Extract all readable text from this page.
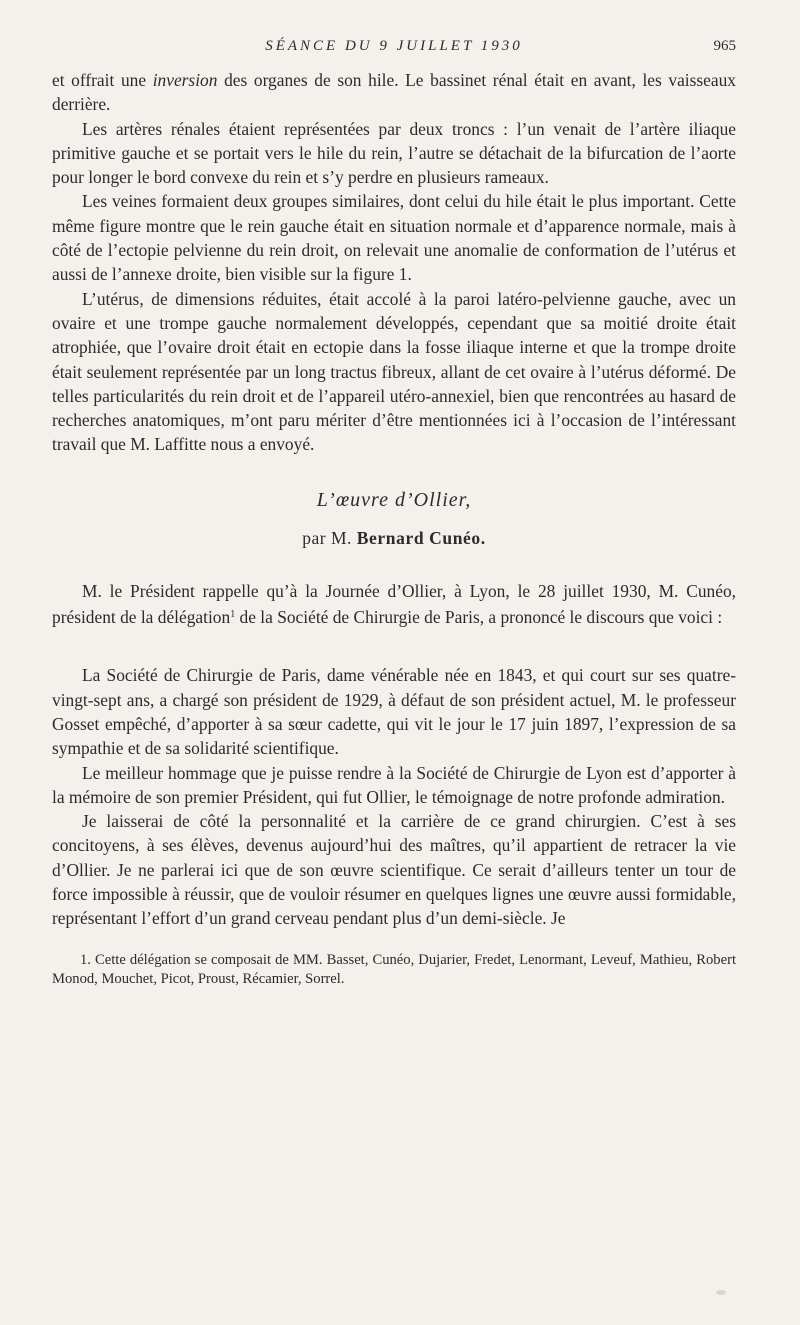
SÉANCE DU 9 JUILLET 1930	965

et offrait une inversion des organes de son hile. Le bassinet rénal était en avant, les vaisseaux derrière.

Les artères rénales étaient représentées par deux troncs : l’un venait de l’artère iliaque primitive gauche et se portait vers le hile du rein, l’autre se détachait de la bifurcation de l’aorte pour longer le bord convexe du rein et s’y perdre en plusieurs rameaux.

Les veines formaient deux groupes similaires, dont celui du hile était le plus important. Cette même figure montre que le rein gauche était en situation normale et d’apparence normale, mais à côté de l’ectopie pelvienne du rein droit, on relevait une anomalie de conformation de l’utérus et aussi de l’annexe droite, bien visible sur la figure 1.

L’utérus, de dimensions réduites, était accolé à la paroi latéro-pelvienne gauche, avec un ovaire et une trompe gauche normalement développés, cependant que sa moitié droite était atrophiée, que l’ovaire droit était en ectopie dans la fosse iliaque interne et que la trompe droite était seulement représentée par un long tractus fibreux, allant de cet ovaire à l’utérus déformé. De telles particularités du rein droit et de l’appareil utéro-annexiel, bien que rencontrées au hasard de recherches anatomiques, m’ont paru mériter d’être mentionnées ici à l’occasion de l’intéressant travail que M. Laffitte nous a envoyé.

L’œuvre d’Ollier,
par M. Bernard Cunéo.

M. le Président rappelle qu’à la Journée d’Ollier, à Lyon, le 28 juillet 1930, M. Cunéo, président de la délégation$^1$ de la Société de Chirurgie de Paris, a prononcé le discours que voici :

La Société de Chirurgie de Paris, dame vénérable née en 1843, et qui court sur ses quatre-vingt-sept ans, a chargé son président de 1929, à défaut de son président actuel, M. le professeur Gosset empêché, d’apporter à sa sœur cadette, qui vit le jour le 17 juin 1897, l’expression de sa sympathie et de sa solidarité scientifique.

Le meilleur hommage que je puisse rendre à la Société de Chirurgie de Lyon est d’apporter à la mémoire de son premier Président, qui fut Ollier, le témoignage de notre profonde admiration.

Je laisserai de côté la personnalité et la carrière de ce grand chirurgien. C’est à ses concitoyens, à ses élèves, devenus aujourd’hui des maîtres, qu’il appartient de retracer la vie d’Ollier. Je ne parlerai ici que de son œuvre scientifique. Ce serait d’ailleurs tenter un tour de force impossible à réussir, que de vouloir résumer en quelques lignes une œuvre aussi formidable, représentant l’effort d’un grand cerveau pendant plus d’un demi-siècle. Je

1. Cette délégation se composait de MM. Basset, Cunéo, Dujarier, Fredet, Lenormant, Leveuf, Mathieu, Robert Monod, Mouchet, Picot, Proust, Récamier, Sorrel.
